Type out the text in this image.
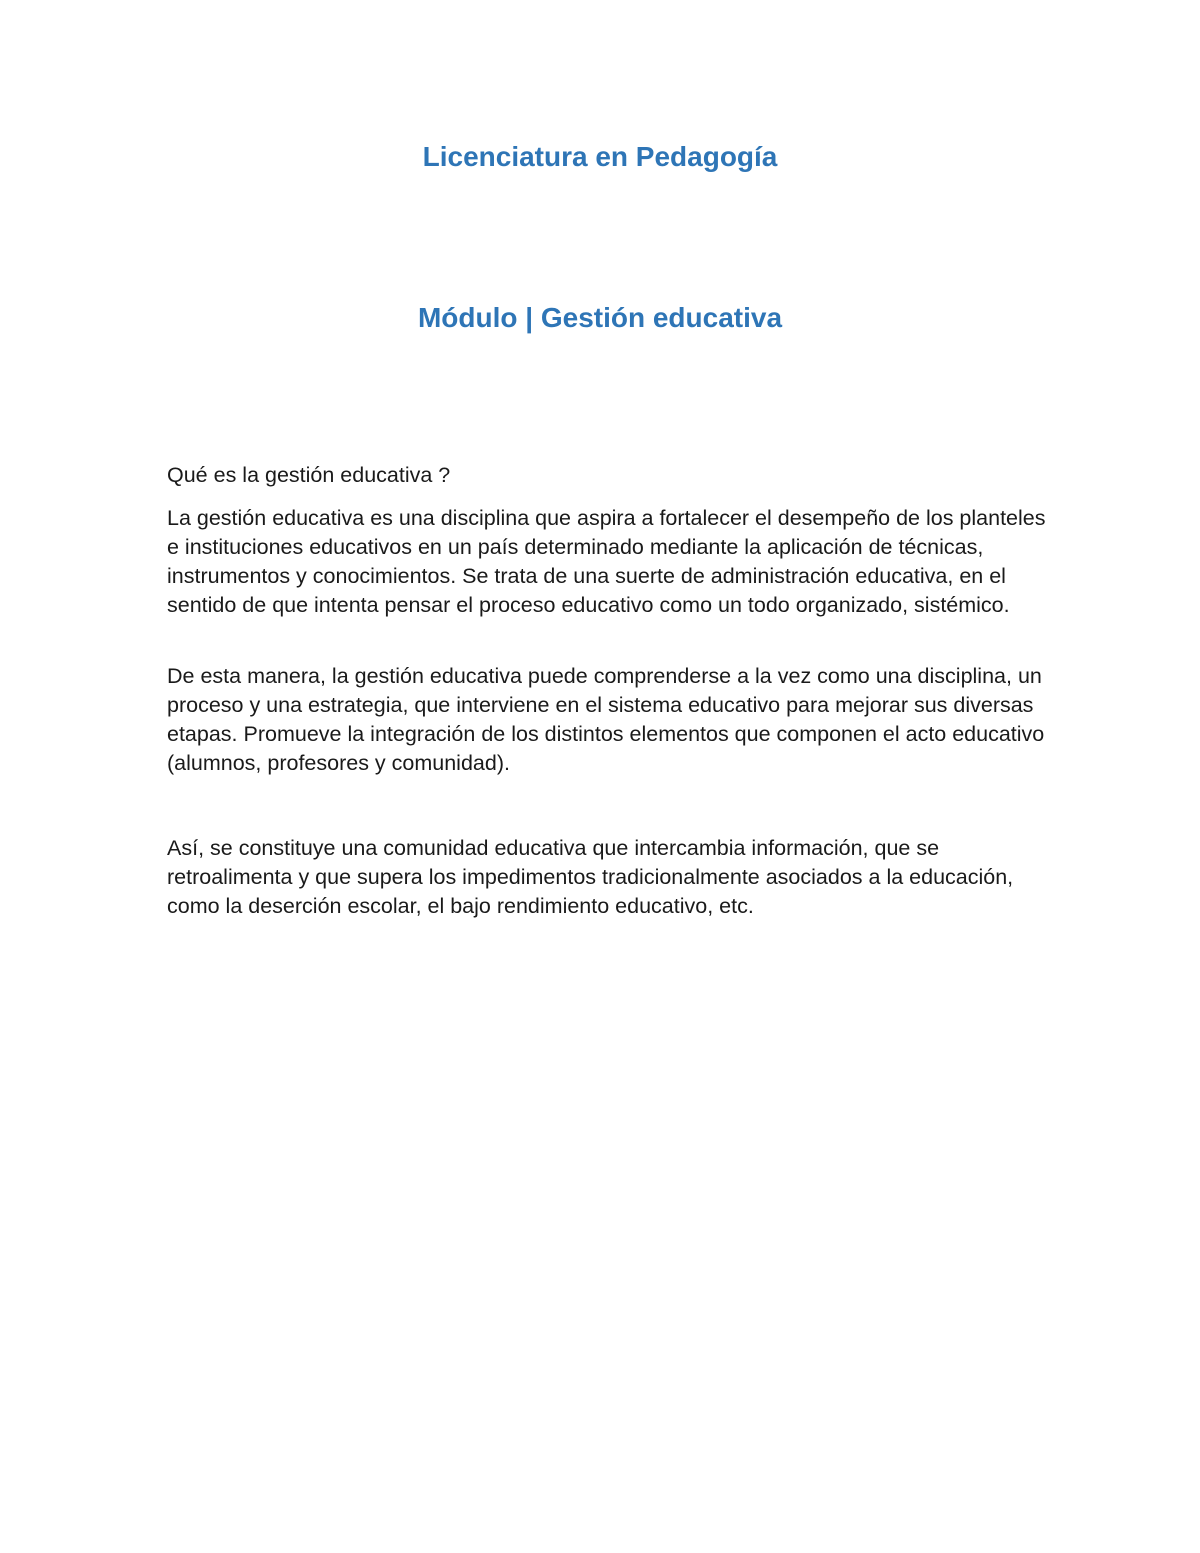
Licenciatura en Pedagogía
Módulo | Gestión educativa

Qué es la gestión educativa ?

La gestión educativa es una disciplina que aspira a fortalecer el desempeño de los planteles e instituciones educativos en un país determinado mediante la aplicación de técnicas, instrumentos y conocimientos. Se trata de una suerte de administración educativa, en el sentido de que intenta pensar el proceso educativo como un todo organizado, sistémico.

De esta manera, la gestión educativa puede comprenderse a la vez como una disciplina, un proceso y una estrategia, que interviene en el sistema educativo para mejorar sus diversas etapas. Promueve la integración de los distintos elementos que componen el acto educativo (alumnos, profesores y comunidad).

Así, se constituye una comunidad educativa que intercambia información, que se retroalimenta y que supera los impedimentos tradicionalmente asociados a la educación, como la deserción escolar, el bajo rendimiento educativo, etc.
